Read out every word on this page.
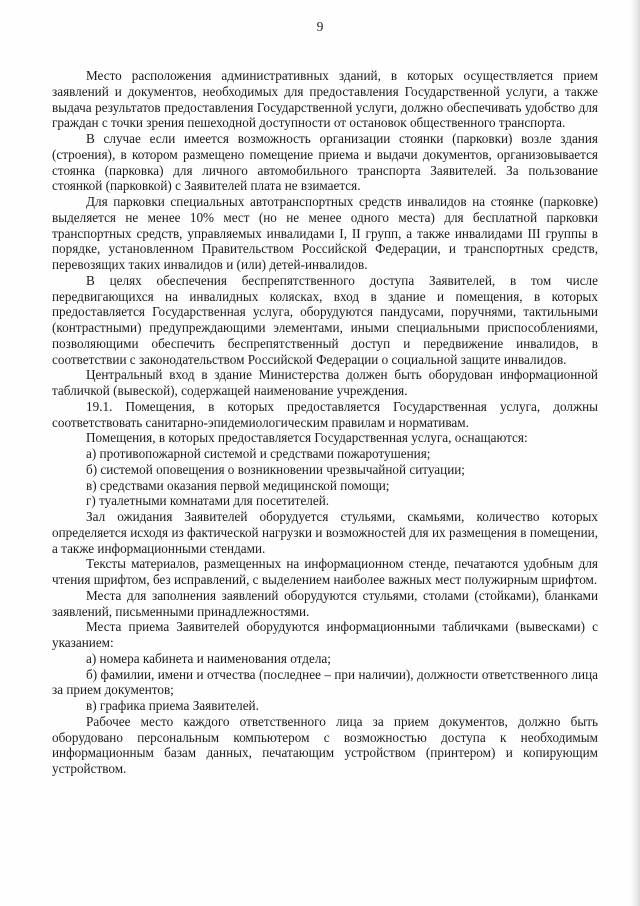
9

Место расположения административных зданий, в которых осуществляется прием заявлений и документов, необходимых для предоставления Государственной услуги, а также выдача результатов предоставления Государственной услуги, должно обеспечивать удобство для граждан с точки зрения пешеходной доступности от остановок общественного транспорта.

В случае если имеется возможность организации стоянки (парковки) возле здания (строения), в котором размещено помещение приема и выдачи документов, организовывается стоянка (парковка) для личного автомобильного транспорта Заявителей. За пользование стоянкой (парковкой) с Заявителей плата не взимается.

Для парковки специальных автотранспортных средств инвалидов на стоянке (парковке) выделяется не менее 10% мест (но не менее одного места) для бесплатной парковки транспортных средств, управляемых инвалидами I, II групп, а также инвалидами III группы в порядке, установленном Правительством Российской Федерации, и транспортных средств, перевозящих таких инвалидов и (или) детей-инвалидов.

В целях обеспечения беспрепятственного доступа Заявителей, в том числе передвигающихся на инвалидных колясках, вход в здание и помещения, в которых предоставляется Государственная услуга, оборудуются пандусами, поручнями, тактильными (контрастными) предупреждающими элементами, иными специальными приспособлениями, позволяющими обеспечить беспрепятственный доступ и передвижение инвалидов, в соответствии с законодательством Российской Федерации о социальной защите инвалидов.

Центральный вход в здание Министерства должен быть оборудован информационной табличкой (вывеской), содержащей наименование учреждения.

19.1. Помещения, в которых предоставляется Государственная услуга, должны соответствовать санитарно-эпидемиологическим правилам и нормативам.

Помещения, в которых предоставляется Государственная услуга, оснащаются:

а) противопожарной системой и средствами пожаротушения;

б) системой оповещения о возникновении чрезвычайной ситуации;

в) средствами оказания первой медицинской помощи;

г) туалетными комнатами для посетителей.

Зал ожидания Заявителей оборудуется стульями, скамьями, количество которых определяется исходя из фактической нагрузки и возможностей для их размещения в помещении, а также информационными стендами.

Тексты материалов, размещенных на информационном стенде, печатаются удобным для чтения шрифтом, без исправлений, с выделением наиболее важных мест полужирным шрифтом.

Места для заполнения заявлений оборудуются стульями, столами (стойками), бланками заявлений, письменными принадлежностями.

Места приема Заявителей оборудуются информационными табличками (вывесками) с указанием:

а) номера кабинета и наименования отдела;

б) фамилии, имени и отчества (последнее – при наличии), должности ответственного лица за прием документов;

в) графика приема Заявителей.

Рабочее место каждого ответственного лица за прием документов, должно быть оборудовано персональным компьютером с возможностью доступа к необходимым информационным базам данных, печатающим устройством (принтером) и копирующим устройством.
